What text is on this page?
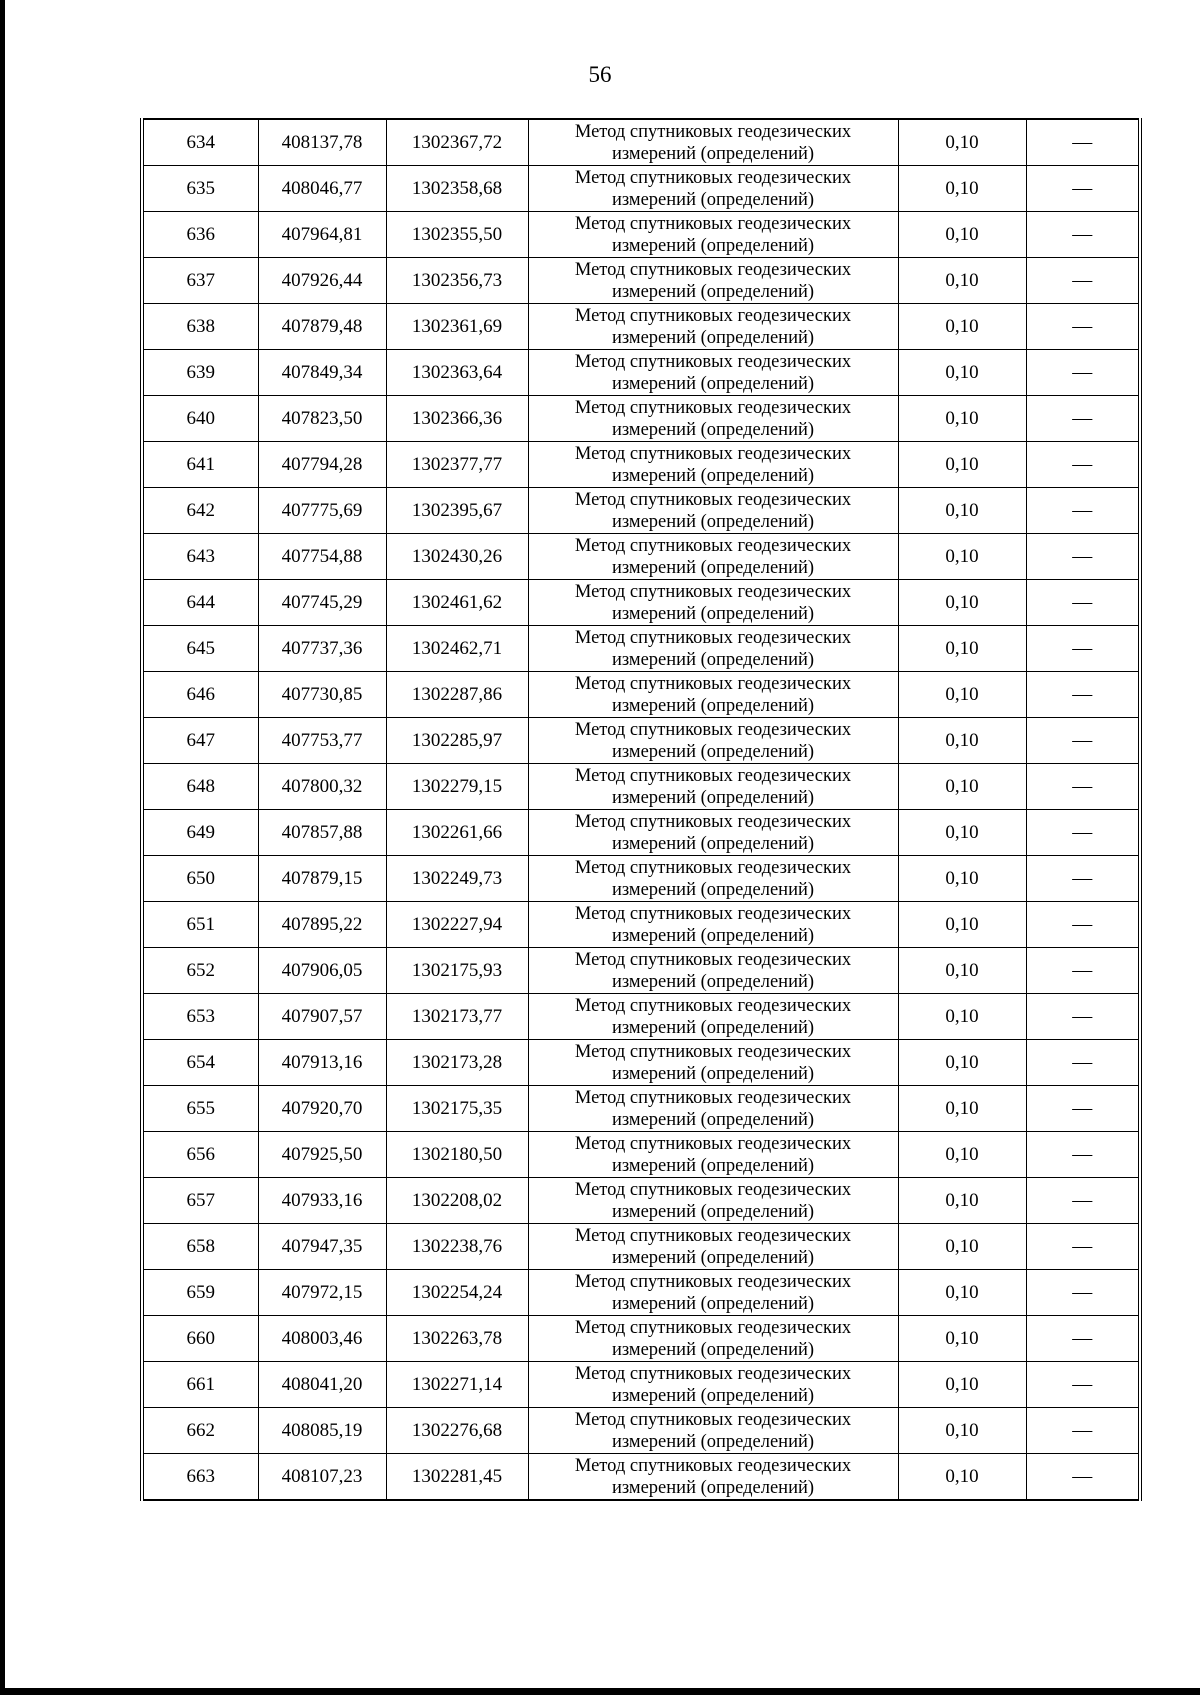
56
634	408137,78	1302367,72	Метод спутниковых геодезических
измерений (определений)	0,10	—
635	408046,77	1302358,68	Метод спутниковых геодезических
измерений (определений)	0,10	—
636	407964,81	1302355,50	Метод спутниковых геодезических
измерений (определений)	0,10	—
637	407926,44	1302356,73	Метод спутниковых геодезических
измерений (определений)	0,10	—
638	407879,48	1302361,69	Метод спутниковых геодезических
измерений (определений)	0,10	—
639	407849,34	1302363,64	Метод спутниковых геодезических
измерений (определений)	0,10	—
640	407823,50	1302366,36	Метод спутниковых геодезических
измерений (определений)	0,10	—
641	407794,28	1302377,77	Метод спутниковых геодезических
измерений (определений)	0,10	—
642	407775,69	1302395,67	Метод спутниковых геодезических
измерений (определений)	0,10	—
643	407754,88	1302430,26	Метод спутниковых геодезических
измерений (определений)	0,10	—
644	407745,29	1302461,62	Метод спутниковых геодезических
измерений (определений)	0,10	—
645	407737,36	1302462,71	Метод спутниковых геодезических
измерений (определений)	0,10	—
646	407730,85	1302287,86	Метод спутниковых геодезических
измерений (определений)	0,10	—
647	407753,77	1302285,97	Метод спутниковых геодезических
измерений (определений)	0,10	—
648	407800,32	1302279,15	Метод спутниковых геодезических
измерений (определений)	0,10	—
649	407857,88	1302261,66	Метод спутниковых геодезических
измерений (определений)	0,10	—
650	407879,15	1302249,73	Метод спутниковых геодезических
измерений (определений)	0,10	—
651	407895,22	1302227,94	Метод спутниковых геодезических
измерений (определений)	0,10	—
652	407906,05	1302175,93	Метод спутниковых геодезических
измерений (определений)	0,10	—
653	407907,57	1302173,77	Метод спутниковых геодезических
измерений (определений)	0,10	—
654	407913,16	1302173,28	Метод спутниковых геодезических
измерений (определений)	0,10	—
655	407920,70	1302175,35	Метод спутниковых геодезических
измерений (определений)	0,10	—
656	407925,50	1302180,50	Метод спутниковых геодезических
измерений (определений)	0,10	—
657	407933,16	1302208,02	Метод спутниковых геодезических
измерений (определений)	0,10	—
658	407947,35	1302238,76	Метод спутниковых геодезических
измерений (определений)	0,10	—
659	407972,15	1302254,24	Метод спутниковых геодезических
измерений (определений)	0,10	—
660	408003,46	1302263,78	Метод спутниковых геодезических
измерений (определений)	0,10	—
661	408041,20	1302271,14	Метод спутниковых геодезических
измерений (определений)	0,10	—
662	408085,19	1302276,68	Метод спутниковых геодезических
измерений (определений)	0,10	—
663	408107,23	1302281,45	Метод спутниковых геодезических
измерений (определений)	0,10	—
